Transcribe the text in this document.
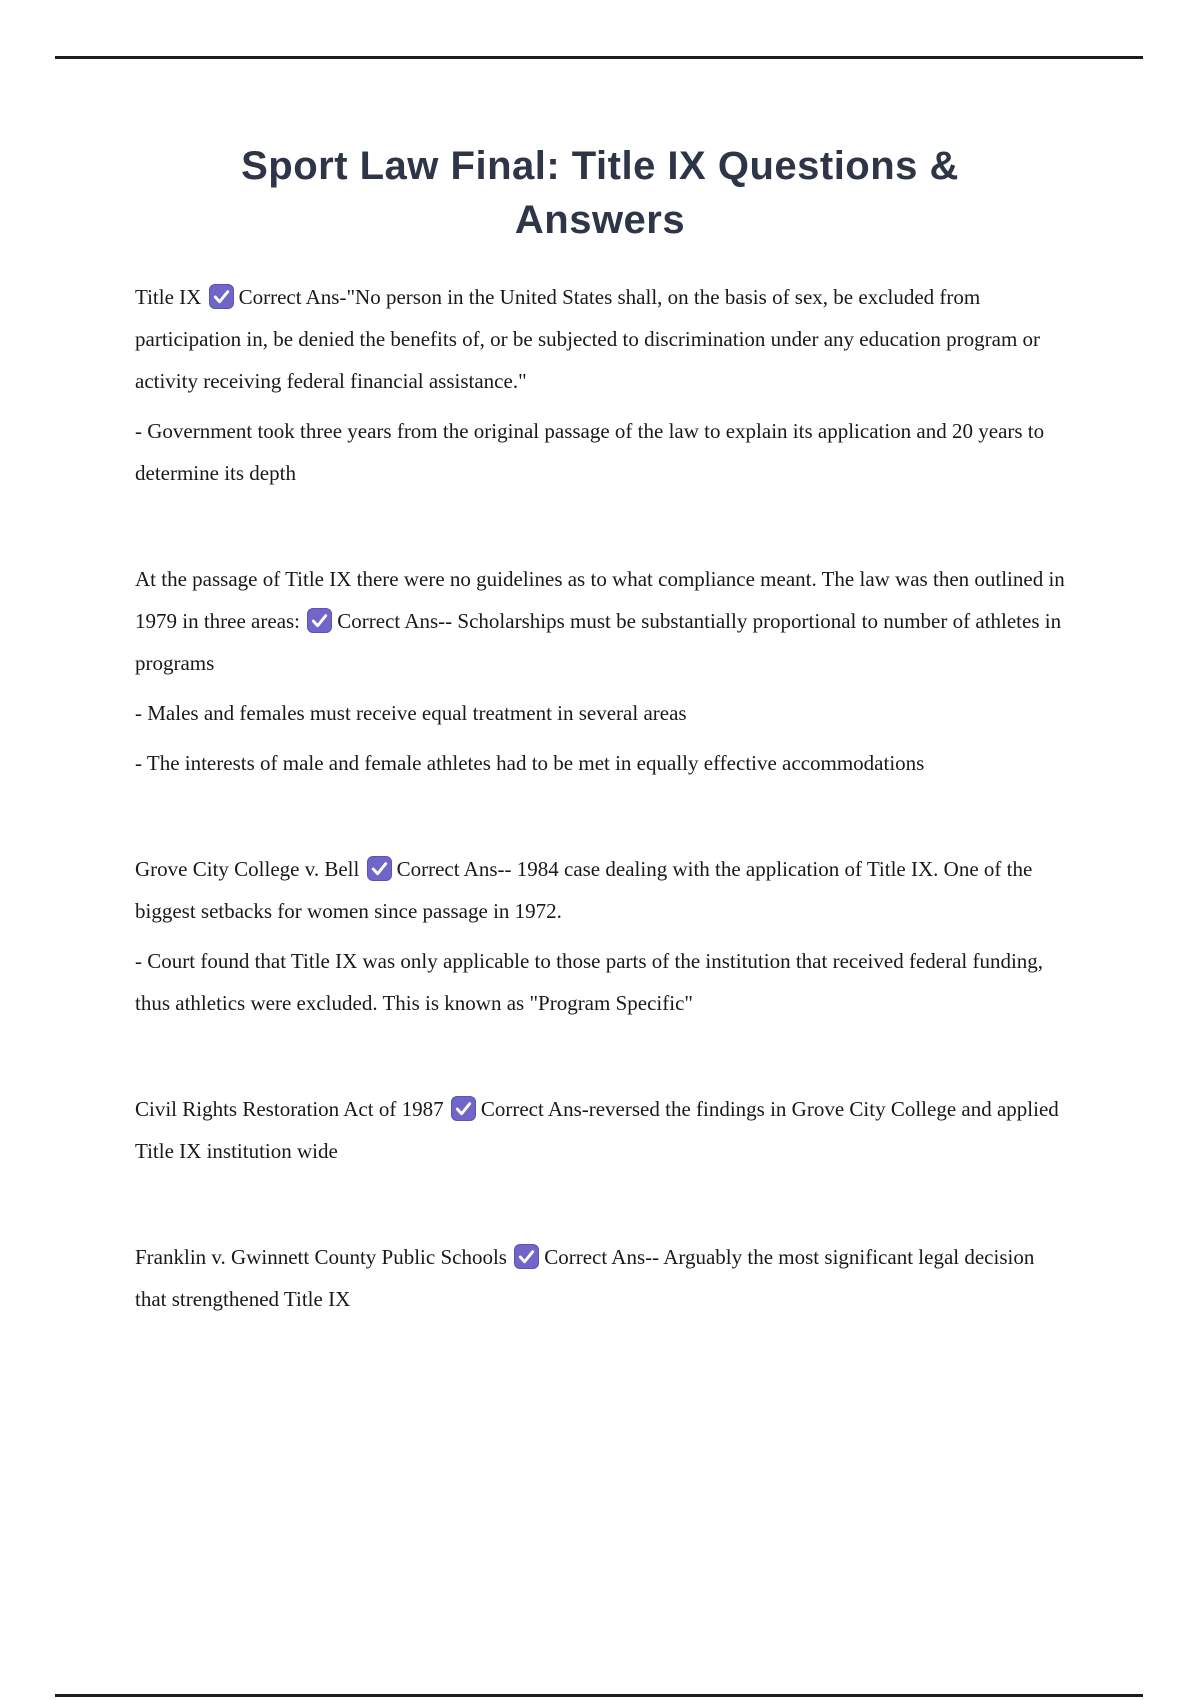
Sport Law Final: Title IX Questions &
Answers

Title IX
Correct Ans-"No person in the United States shall, on the basis of sex, be excluded from participation in, be denied the benefits of, or be subjected to discrimination under any education program or activity receiving federal financial assistance."

- Government took three years from the original passage of the law to explain its application and 20 years to determine its depth

At the passage of Title IX there were no guidelines as to what compliance meant. The law was then outlined in 1979 in three areas:
Correct Ans-- Scholarships must be substantially proportional to number of athletes in programs

- Males and females must receive equal treatment in several areas

- The interests of male and female athletes had to be met in equally effective accommodations

Grove City College v. Bell
Correct Ans-- 1984 case dealing with the application of Title IX. One of the biggest setbacks for women since passage in 1972.

- Court found that Title IX was only applicable to those parts of the institution that received federal funding, thus athletics were excluded. This is known as "Program Specific"

Civil Rights Restoration Act of 1987
Correct Ans-reversed the findings in Grove City College and applied Title IX institution wide

Franklin v. Gwinnett County Public Schools
Correct Ans-- Arguably the most significant legal decision that strengthened Title IX
